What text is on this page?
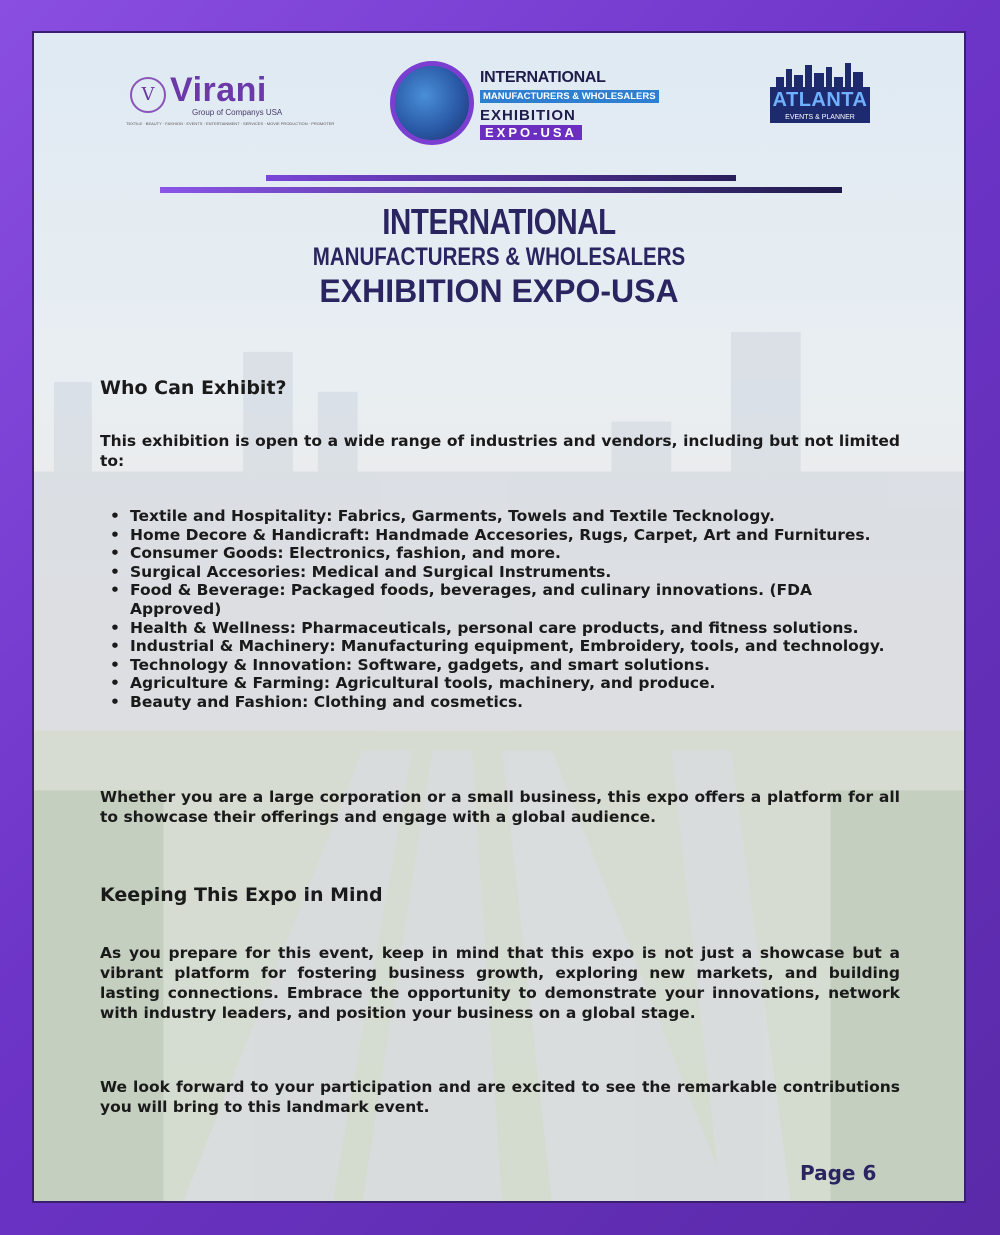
V Virani
Group of Companys USA
TEXTILE · BEAUTY · FASHION · EVENTS · ENTERTAINMENT · SERVICES · MOVIE PRODUCTION · PROMOTER
INTERNATIONAL
MANUFACTURERS & WHOLESALERS
EXHIBITION
EXPO-USA
ATLANTA
EVENTS & PLANNER
INTERNATIONAL
MANUFACTURERS & WHOLESALERS
EXHIBITION EXPO-USA
Who Can Exhibit?
This exhibition is open to a wide range of industries and vendors, including but not limited to:
• Textile and Hospitality: Fabrics, Garments, Towels and Textile Tecknology.
• Home Decore & Handicraft: Handmade Accesories, Rugs, Carpet, Art and Furnitures.
• Consumer Goods: Electronics, fashion, and more.
• Surgical Accesories: Medical and Surgical Instruments.
• Food & Beverage: Packaged foods, beverages, and culinary innovations. (FDA Approved)
• Health & Wellness: Pharmaceuticals, personal care products, and fitness solutions.
• Industrial & Machinery: Manufacturing equipment, Embroidery, tools, and technology.
• Technology & Innovation: Software, gadgets, and smart solutions.
• Agriculture & Farming: Agricultural tools, machinery, and produce.
• Beauty and Fashion: Clothing and cosmetics.
Whether you are a large corporation or a small business, this expo offers a platform for all to showcase their offerings and engage with a global audience.
Keeping This Expo in Mind
As you prepare for this event, keep in mind that this expo is not just a showcase but a vibrant platform for fostering business growth, exploring new markets, and building lasting connections. Embrace the opportunity to demonstrate your innovations, network with industry leaders, and position your business on a global stage.
We look forward to your participation and are excited to see the remarkable contributions you will bring to this landmark event.
Page 6
